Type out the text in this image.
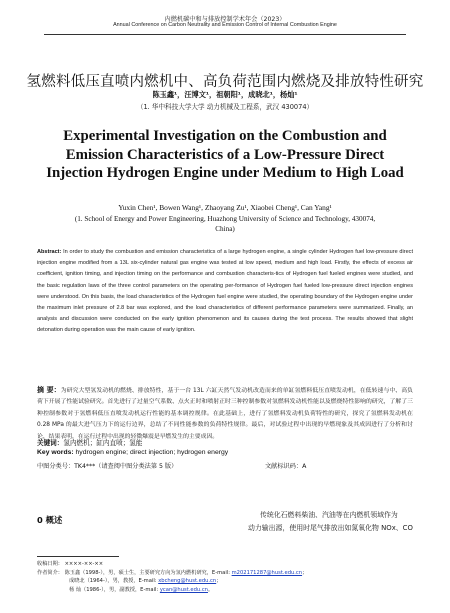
内燃机碳中和与排放控制学术年会（2023）
Annual Conference on Carbon Neutrality and Emission Control of Internal Combustion Engine
氢燃料低压直喷内燃机中、高负荷范围内燃烧及排放特性研究
陈玉鑫¹，汪博文¹，祖朝阳¹，成晓北¹，杨灿¹
（1. 华中科技大学大学 动力机械及工程系，武汉 430074）
Experimental Investigation on the Combustion and Emission Characteristics of a Low-Pressure Direct Injection Hydrogen Engine under Medium to High Load
Yuxin Chen¹, Bowen Wang¹, Zhaoyang Zu¹, Xiaobei Cheng¹, Can Yang¹
(1. School of Energy and Power Engineering, Huazhong University of Science and Technology, 430074, China)
Abstract: In order to study the combustion and emission characteristics of a large hydrogen engine, a single cylinder Hydrogen fuel low-pressure direct injection engine modified from a 13L six-cylinder natural gas engine was tested at low speed, medium and high load. Firstly, the effects of excess air coefficient, ignition timing, and injection timing on the performance and combustion characteris-tics of Hydrogen fuel fueled engines were studied, and the basic regulation laws of the three control parameters on the operating per-formance of Hydrogen fuel fueled low-pressure direct injection engines were understood. On this basis, the load characteristics of the Hydrogen fuel engine were studied, the operating boundary of the Hydrogen engine under the maximum inlet pressure of 2.8 bar was explored, and the load characteristics of different performance parameters were summarized. Finally, an analysis and discussion were conducted on the early ignition phenomenon and its causes during the test process. The results showed that slight detonation during operation was the main cause of early ignition.
摘 要：为研究大型氢发动机的燃烧、排放特性，基于一台 13L 六缸天然气发动机改造而来的单缸氢燃料低压直喷发动机，在低转速与中、高负荷下开展了性能试验研究。首先进行了过量空气系数、点火正时和喷射正时三种控制参数对氢燃料发动机性能以及燃烧特性影响的研究，了解了三种控制参数对于氢燃料低压直喷发动机运行性能的基本调控规律。在此基础上，进行了氢燃料发动机负荷特性的研究，探究了氢燃料发动机在 0.28 MPa 的最大进气压力下的运行边界，总结了不同性能参数的负荷特性规律。最后，对试验过程中出现的早燃现象及其成因进行了分析和讨论，结果表明，在运行过程中出现的轻微爆震是早燃发生的主要成因。
关键词：氢内燃机；缸内直喷；氢能
Key words: hydrogen engine; direct injection; hydrogen energy
中图分类号：TK4***（请查阅中图分类法第 5 版）	文献标识码：A
0 概述	传统化石燃料柴油、汽油等在内燃机领域作为
动力输出源，使用时尾气排放出如氮氧化物 NOx、CO
收稿日期： ××××-××-××
作者简介： 陈玉鑫（1998-），男，硕士生，主要研究方向为氢内燃机研究，E-mail: m202171287@hust.edu.cn；
成晓北（1964-），男，教授，E-mail: xbcheng@hust.edu.cn；
杨 灿（1986-），男，副教授，E-mail: ycan@hust.edu.cn。
